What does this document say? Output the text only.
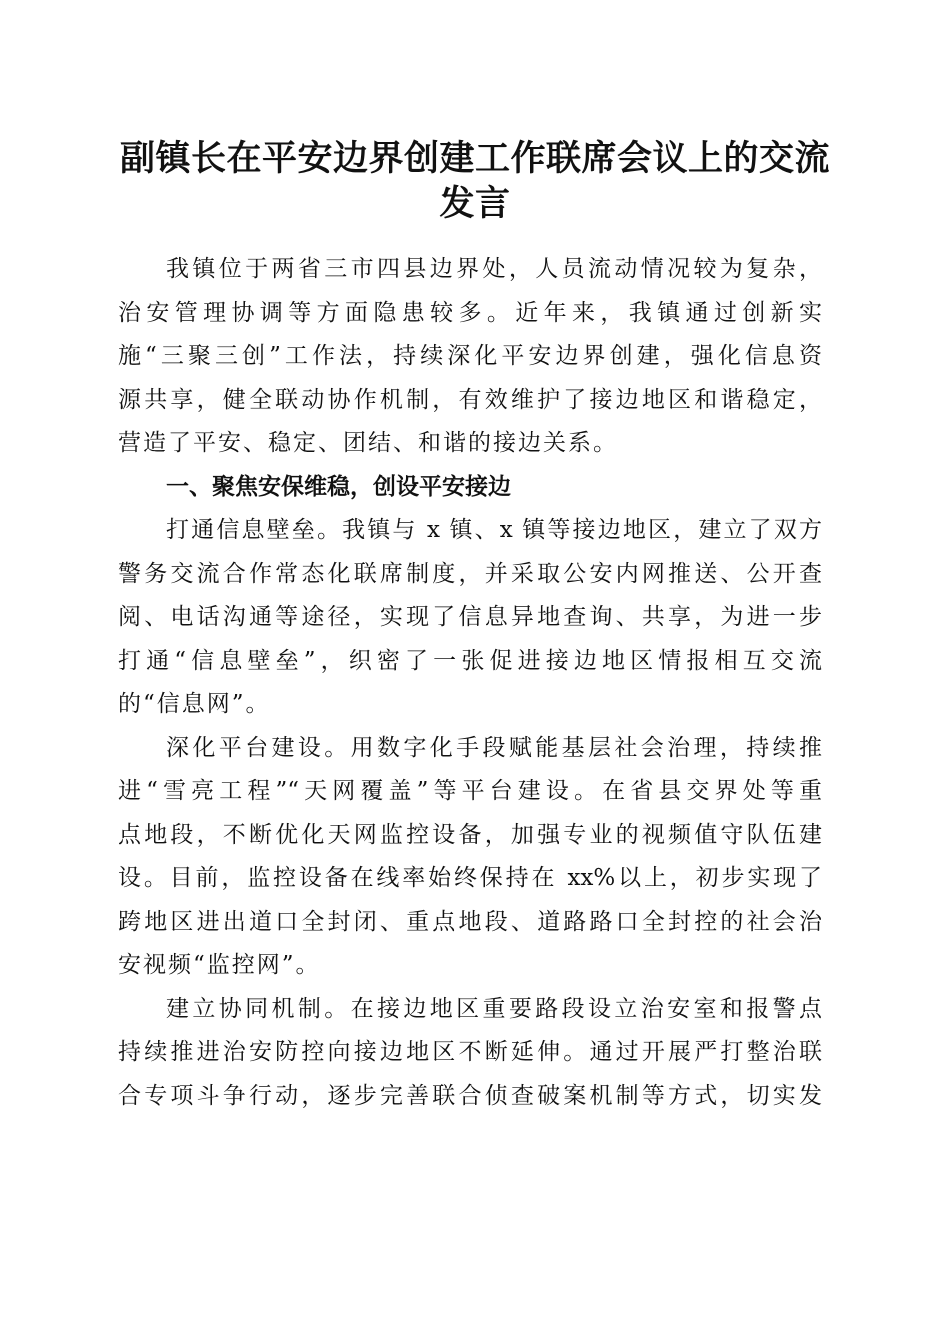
副镇长在平安边界创建工作联席会议上的交流
发言
我镇位于两省三市四县边界处，人员流动情况较为复杂，
治安管理协调等方面隐患较多。近年来，我镇通过创新实
施“三聚三创”工作法，持续深化平安边界创建，强化信息资
源共享，健全联动协作机制，有效维护了接边地区和谐稳定，
营造了平安、稳定、团结、和谐的接边关系。
一、聚焦安保维稳，创设平安接边
打通信息壁垒。我镇与 x 镇、x 镇等接边地区，建立了双方
警务交流合作常态化联席制度，并采取公安内网推送、公开查
阅、电话沟通等途径，实现了信息异地查询、共享，为进一步
打通“信息壁垒”，织密了一张促进接边地区情报相互交流
的“信息网”。
深化平台建设。用数字化手段赋能基层社会治理，持续推
进“雪亮工程”“天网覆盖”等平台建设。在省县交界处等重
点地段，不断优化天网监控设备，加强专业的视频值守队伍建
设。目前，监控设备在线率始终保持在 xx%以上，初步实现了
跨地区进出道口全封闭、重点地段、道路路口全封控的社会治
安视频“监控网”。
建立协同机制。在接边地区重要路段设立治安室和报警点
持续推进治安防控向接边地区不断延伸。通过开展严打整治联
合专项斗争行动，逐步完善联合侦查破案机制等方式，切实发
